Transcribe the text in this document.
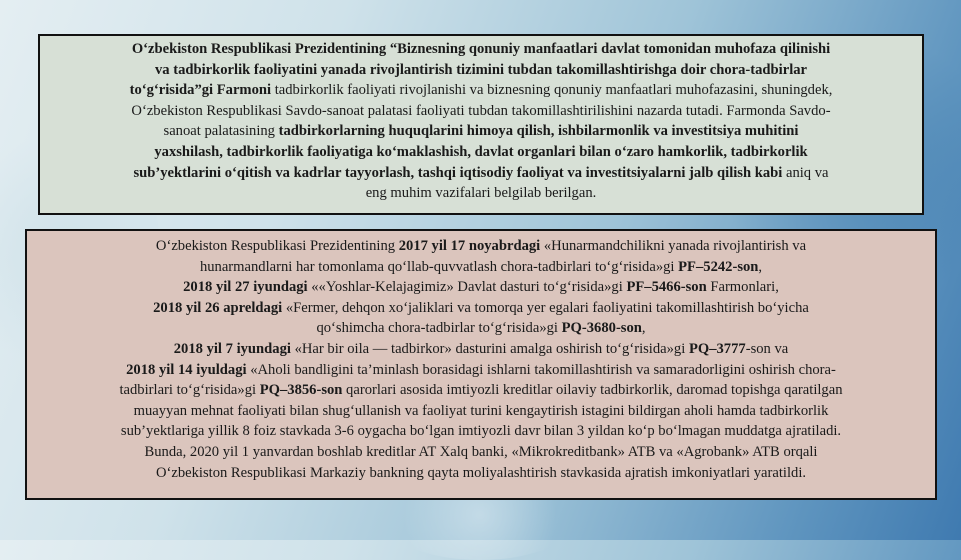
O‘zbekiston Respublikasi Prezidentining “Biznesning qonuniy manfaatlari davlat tomonidan muhofaza qilinishi
va tadbirkorlik faoliyatini yanada rivojlantirish tizimini tubdan takomillashtirishga doir chora-tadbirlar
to‘g‘risida”gi Farmoni tadbirkorlik faoliyati rivojlanishi va biznesning qonuniy manfaatlari muhofazasini, shuningdek,
O‘zbekiston Respublikasi Savdo-sanoat palatasi faoliyati tubdan takomillashtirilishini nazarda tutadi. Farmonda Savdo-
sanoat palatasining tadbirkorlarning huquqlarini himoya qilish, ishbilarmonlik va investitsiya muhitini
yaxshilash, tadbirkorlik faoliyatiga ko‘maklashish, davlat organlari bilan o‘zaro hamkorlik, tadbirkorlik
sub’yektlarini o‘qitish va kadrlar tayyorlash, tashqi iqtisodiy faoliyat va investitsiyalarni jalb qilish kabi aniq va
eng muhim vazifalari belgilab berilgan.
O‘zbekiston Respublikasi Prezidentining 2017 yil 17 noyabrdagi «Hunarmandchilikni yanada rivojlantirish va
hunarmandlarni har tomonlama qo‘llab-quvvatlash chora-tadbirlari to‘g‘risida»gi PF–5242-son,
2018 yil 27 iyundagi ««Yoshlar-Kelajagimiz» Davlat dasturi to‘g‘risida»gi PF–5466-son Farmonlari,
2018 yil 26 apreldagi «Fermer, dehqon xo‘jaliklari va tomorqa yer egalari faoliyatini takomillashtirish bo‘yicha
qo‘shimcha chora-tadbirlar to‘g‘risida»gi PQ-3680-son,
2018 yil 7 iyundagi «Har bir oila — tadbirkor» dasturini amalga oshirish to‘g‘risida»gi PQ–3777-son va
2018 yil 14 iyuldagi «Aholi bandligini ta’minlash borasidagi ishlarni takomillashtirish va samaradorligini oshirish chora-
tadbirlari to‘g‘risida»gi PQ–3856-son qarorlari asosida imtiyozli kreditlar oilaviy tadbirkorlik, daromad topishga qaratilgan
muayyan mehnat faoliyati bilan shug‘ullanish va faoliyat turini kengaytirish istagini bildirgan aholi hamda tadbirkorlik
sub’yektlariga yillik 8 foiz stavkada 3-6 oygacha bo‘lgan imtiyozli davr bilan 3 yildan ko‘p bo‘lmagan muddatga ajratiladi.
Bunda, 2020 yil 1 yanvardan boshlab kreditlar AT Xalq banki, «Mikrokreditbank» ATB va «Agrobank» ATB orqali
O‘zbekiston Respublikasi Markaziy bankning qayta moliyalashtirish stavkasida ajratish imkoniyatlari yaratildi.
